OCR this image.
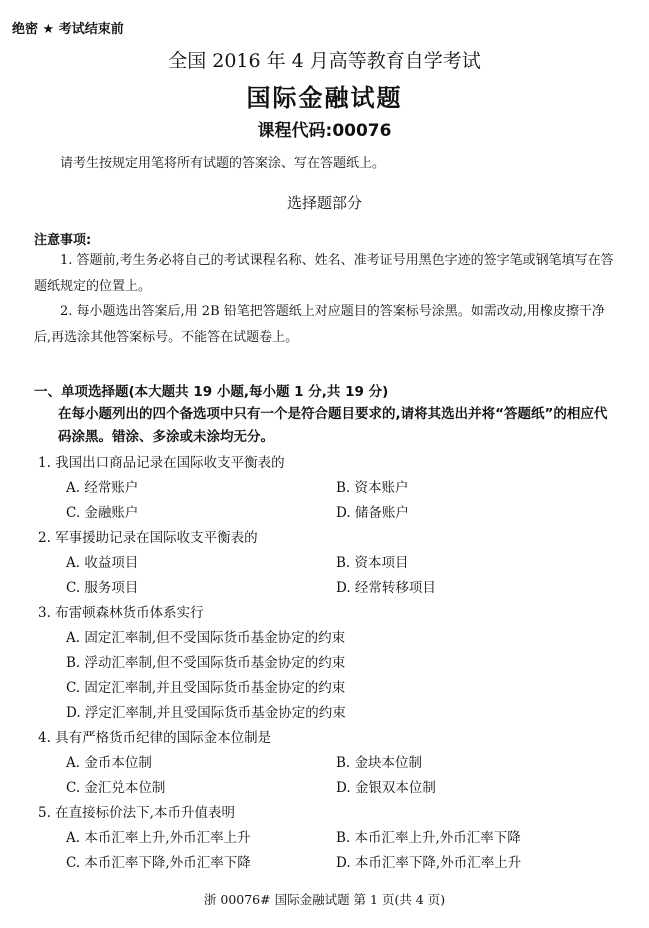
绝密 ★ 考试结束前
全国 2016 年 4 月高等教育自学考试
国际金融试题
课程代码:00076
请考生按规定用笔将所有试题的答案涂、写在答题纸上。
选择题部分
注意事项:
1. 答题前,考生务必将自己的考试课程名称、姓名、准考证号用黑色字迹的签字笔或钢笔填写在答题纸规定的位置上。
2. 每小题选出答案后,用 2B 铅笔把答题纸上对应题目的答案标号涂黑。如需改动,用橡皮擦干净后,再选涂其他答案标号。不能答在试题卷上。
一、单项选择题(本大题共 19 小题,每小题 1 分,共 19 分)
在每小题列出的四个备选项中只有一个是符合题目要求的,请将其选出并将“答题纸”的相应代码涂黑。错涂、多涂或未涂均无分。
1. 我国出口商品记录在国际收支平衡表的
A. 经常账户	B. 资本账户
C. 金融账户	D. 储备账户
2. 军事援助记录在国际收支平衡表的
A. 收益项目	B. 资本项目
C. 服务项目	D. 经常转移项目
3. 布雷顿森林货币体系实行
A. 固定汇率制,但不受国际货币基金协定的约束
B. 浮动汇率制,但不受国际货币基金协定的约束
C. 固定汇率制,并且受国际货币基金协定的约束
D. 浮定汇率制,并且受国际货币基金协定的约束
4. 具有严格货币纪律的国际金本位制是
A. 金币本位制	B. 金块本位制
C. 金汇兑本位制	D. 金银双本位制
5. 在直接标价法下,本币升值表明
A. 本币汇率上升,外币汇率上升	B. 本币汇率上升,外币汇率下降
C. 本币汇率下降,外币汇率下降	D. 本币汇率下降,外币汇率上升
浙 00076# 国际金融试题 第 1 页(共 4 页)
